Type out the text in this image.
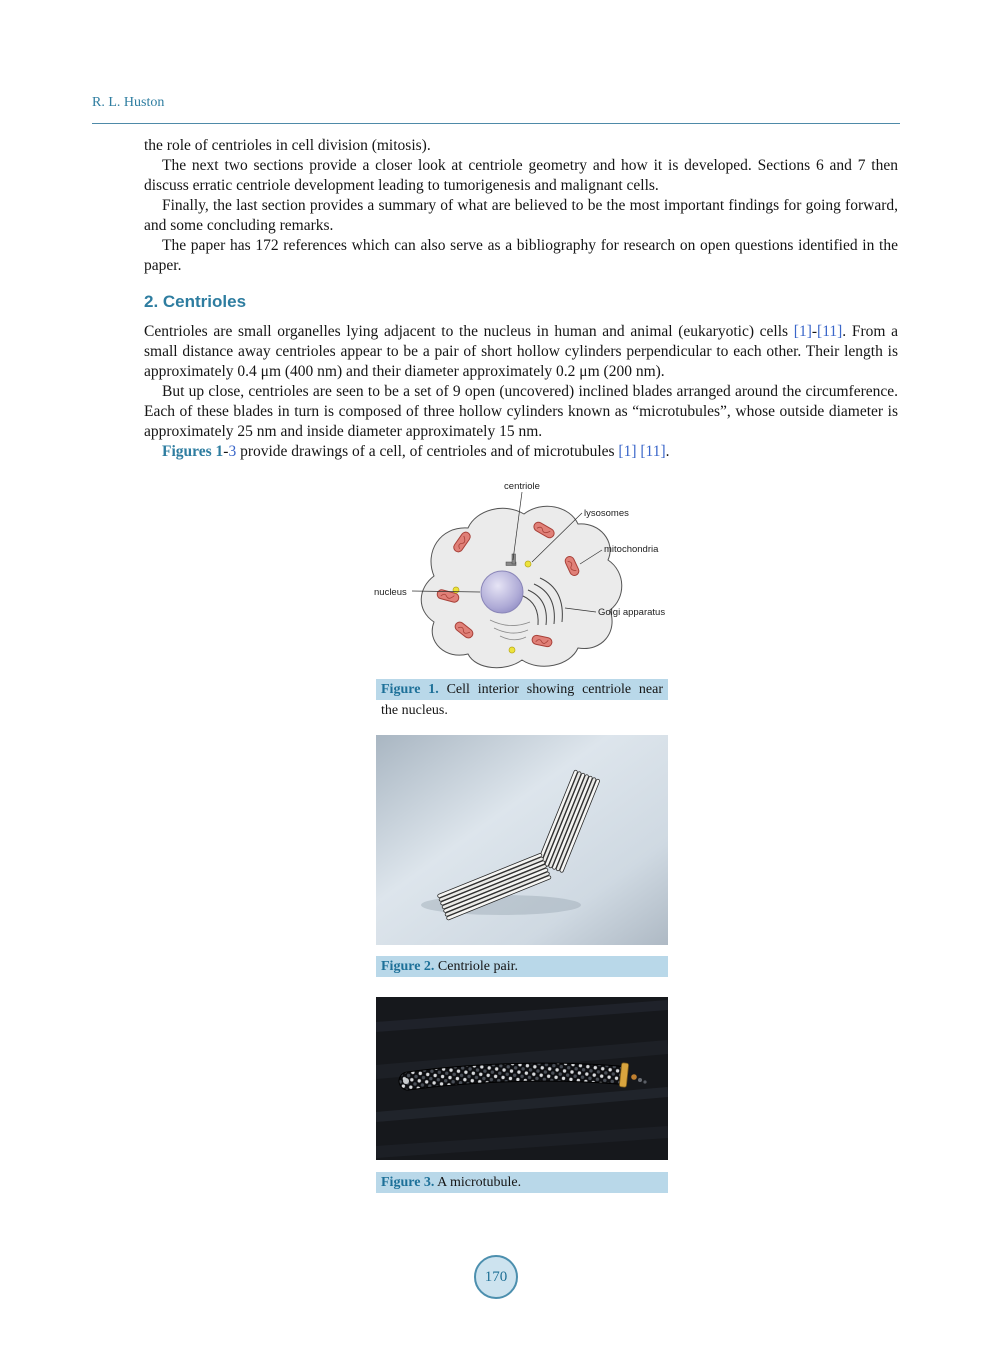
R. L. Huston

the role of centrioles in cell division (mitosis).

The next two sections provide a closer look at centriole geometry and how it is developed. Sections 6 and 7 then discuss erratic centriole development leading to tumorigenesis and malignant cells.

Finally, the last section provides a summary of what are believed to be the most important findings for going forward, and some concluding remarks.

The paper has 172 references which can also serve as a bibliography for research on open questions identified in the paper.

2. Centrioles

Centrioles are small organelles lying adjacent to the nucleus in human and animal (eukaryotic) cells [1]-[11]. From a small distance away centrioles appear to be a pair of short hollow cylinders perpendicular to each other. Their length is approximately 0.4 μm (400 nm) and their diameter approximately 0.2 μm (200 nm).

But up close, centrioles are seen to be a set of 9 open (uncovered) inclined blades arranged around the circumference. Each of these blades in turn is composed of three hollow cylinders known as “microtubules”, whose outside diameter is approximately 25 nm and inside diameter approximately 15 nm.

Figures 1-3 provide drawings of a cell, of centrioles and of microtubules [1] [11].

centriole
lysosomes
mitochondria
nucleus
Golgi apparatus
Figure 1. Cell interior showing centriole near
the nucleus.
Figure 2. Centriole pair.
Figure 3. A microtubule.
170
